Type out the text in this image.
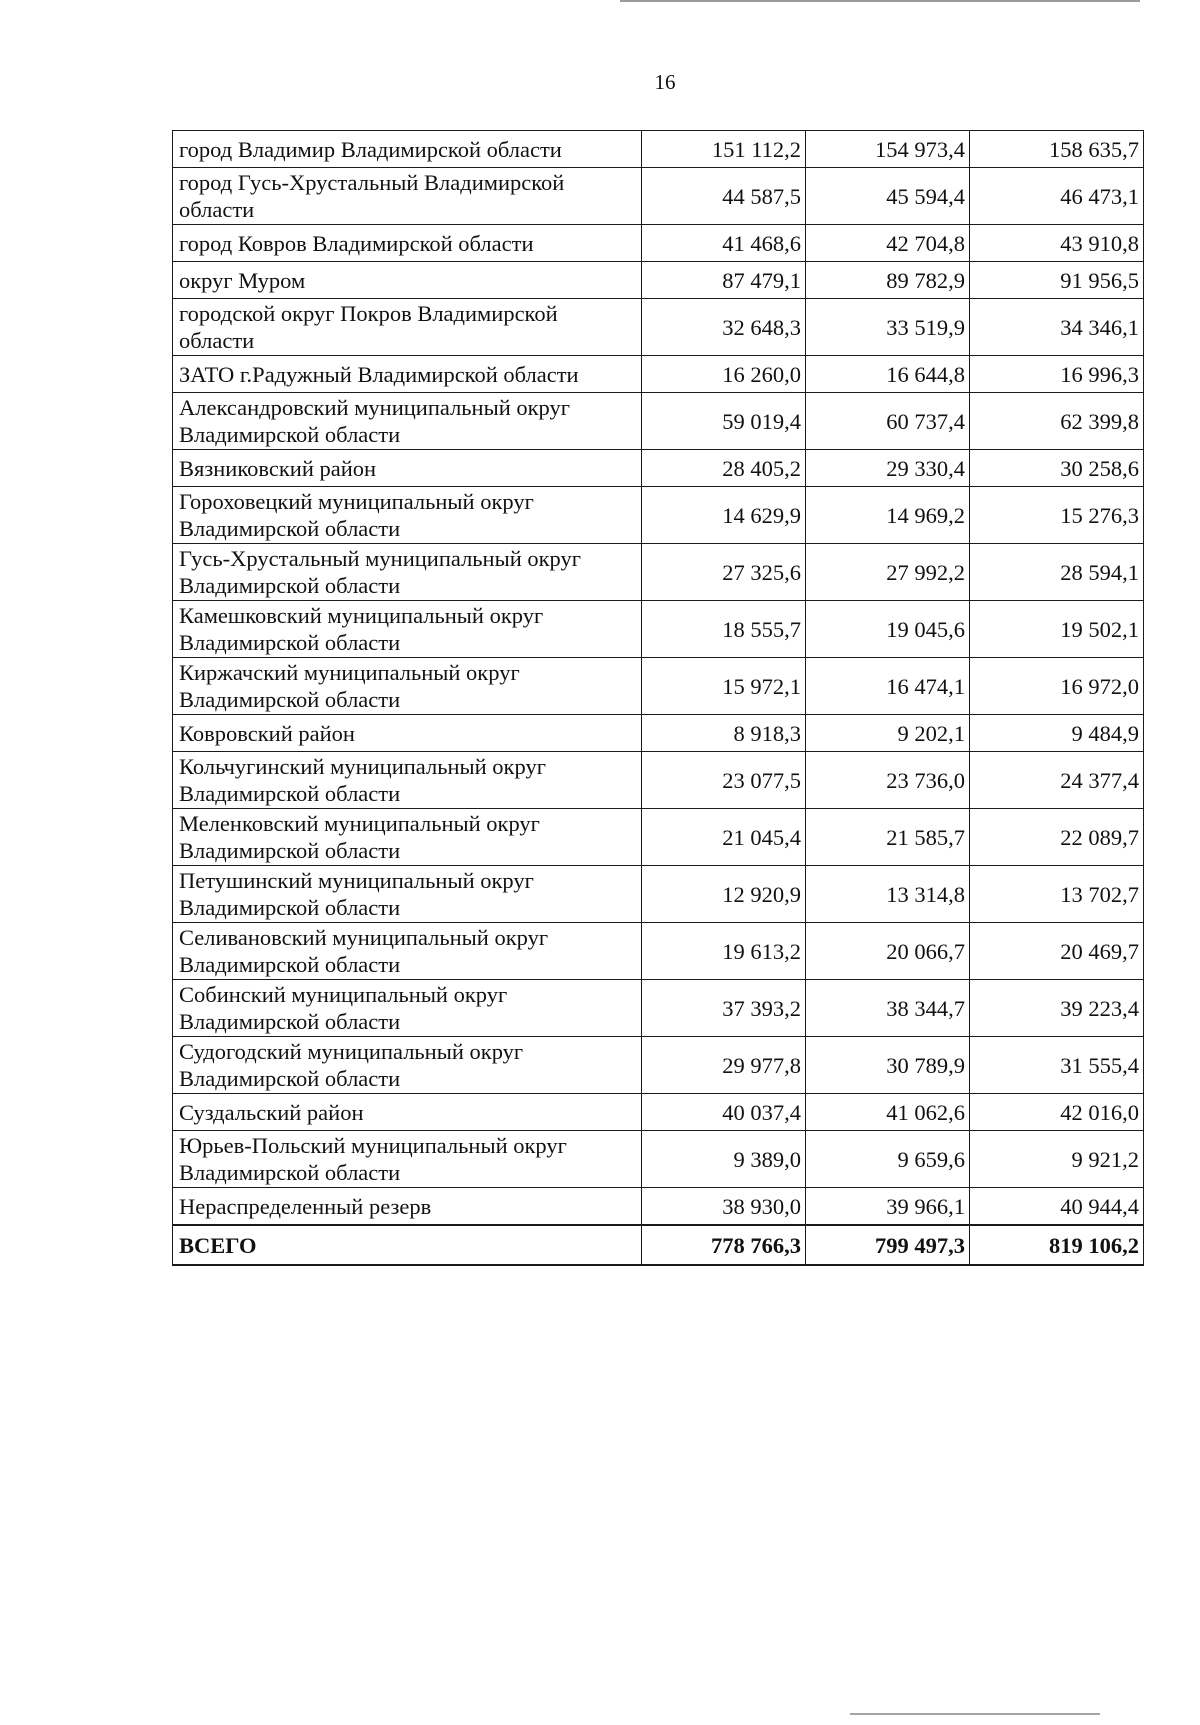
16

город Владимир Владимирской области	151 112,2	154 973,4	158 635,7
город Гусь-Хрустальный Владимирской области	44 587,5	45 594,4	46 473,1
город Ковров Владимирской области	41 468,6	42 704,8	43 910,8
округ Муром	87 479,1	89 782,9	91 956,5
городской округ Покров Владимирской области	32 648,3	33 519,9	34 346,1
ЗАТО г.Радужный Владимирской области	16 260,0	16 644,8	16 996,3
Александровский муниципальный округ Владимирской области	59 019,4	60 737,4	62 399,8
Вязниковский район	28 405,2	29 330,4	30 258,6
Гороховецкий муниципальный округ Владимирской области	14 629,9	14 969,2	15 276,3
Гусь-Хрустальный муниципальный округ Владимирской области	27 325,6	27 992,2	28 594,1
Камешковский муниципальный округ Владимирской области	18 555,7	19 045,6	19 502,1
Киржачский муниципальный округ Владимирской области	15 972,1	16 474,1	16 972,0
Ковровский район	8 918,3	9 202,1	9 484,9
Кольчугинский муниципальный округ Владимирской области	23 077,5	23 736,0	24 377,4
Меленковский муниципальный округ Владимирской области	21 045,4	21 585,7	22 089,7
Петушинский муниципальный округ Владимирской области	12 920,9	13 314,8	13 702,7
Селивановский муниципальный округ Владимирской области	19 613,2	20 066,7	20 469,7
Собинский муниципальный округ Владимирской области	37 393,2	38 344,7	39 223,4
Судогодский муниципальный округ Владимирской области	29 977,8	30 789,9	31 555,4
Суздальский район	40 037,4	41 062,6	42 016,0
Юрьев-Польский муниципальный округ Владимирской области	9 389,0	9 659,6	9 921,2
Нераспределенный резерв	38 930,0	39 966,1	40 944,4
ВСЕГО	778 766,3	799 497,3	819 106,2
